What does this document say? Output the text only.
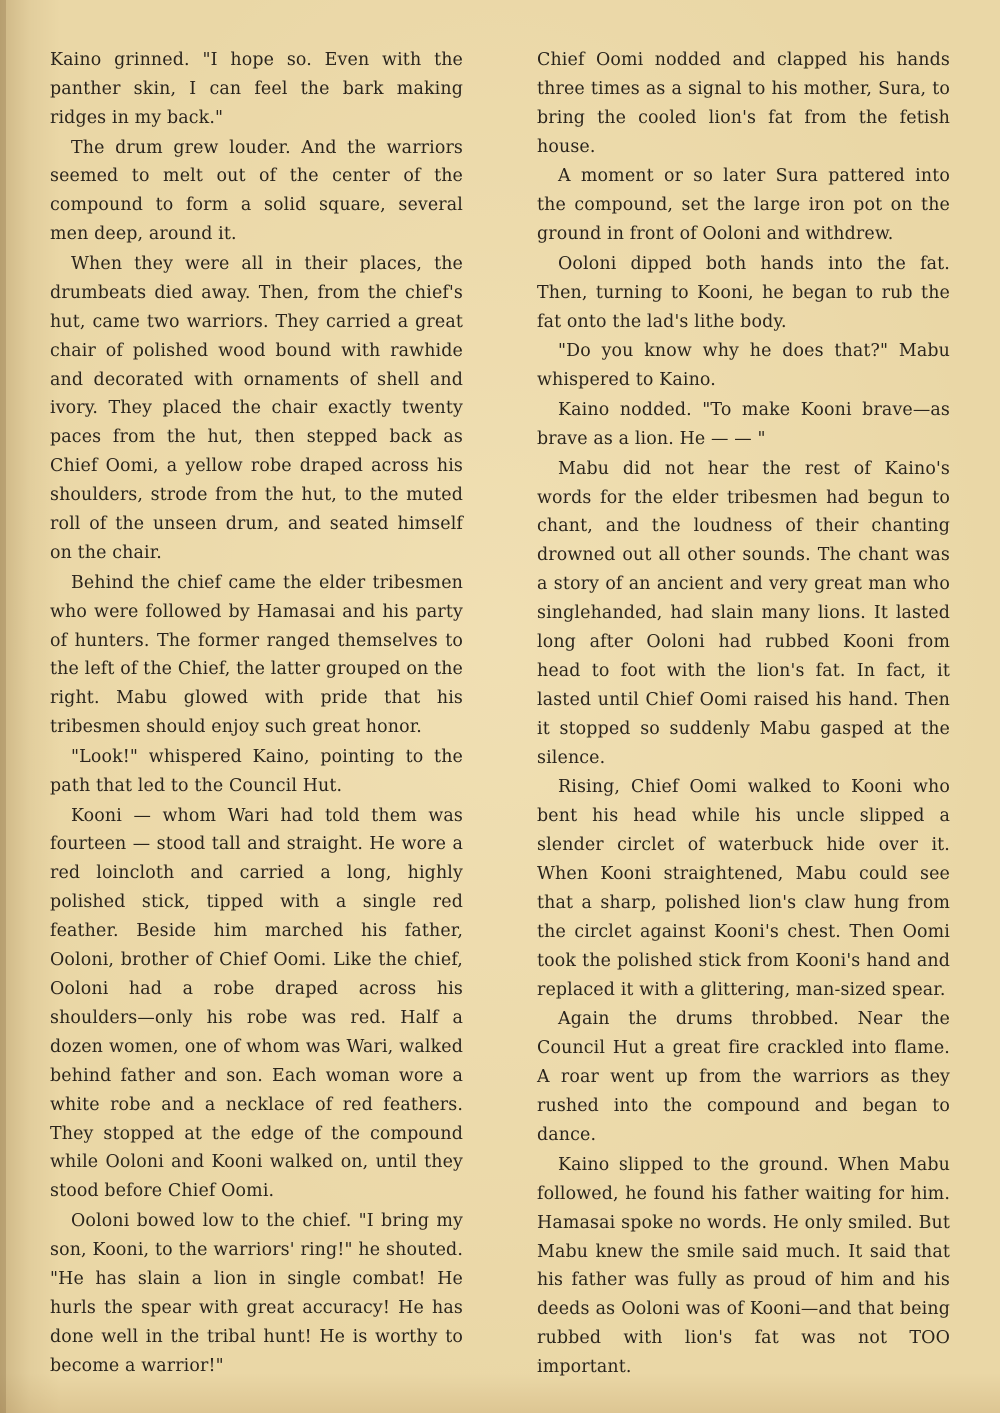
Kaino grinned. "I hope so. Even with the panther skin, I can feel the bark making ridges in my back."

The drum grew louder. And the warriors seemed to melt out of the center of the compound to form a solid square, several men deep, around it.

When they were all in their places, the drumbeats died away. Then, from the chief's hut, came two warriors. They carried a great chair of polished wood bound with rawhide and decorated with ornaments of shell and ivory. They placed the chair exactly twenty paces from the hut, then stepped back as Chief Oomi, a yellow robe draped across his shoulders, strode from the hut, to the muted roll of the unseen drum, and seated himself on the chair.

Behind the chief came the elder tribesmen who were followed by Hamasai and his party of hunters. The former ranged themselves to the left of the Chief, the latter grouped on the right. Mabu glowed with pride that his tribesmen should enjoy such great honor.

"Look!" whispered Kaino, pointing to the path that led to the Council Hut.

Kooni — whom Wari had told them was fourteen — stood tall and straight. He wore a red loincloth and carried a long, highly polished stick, tipped with a single red feather. Beside him marched his father, Ooloni, brother of Chief Oomi. Like the chief, Ooloni had a robe draped across his shoulders—only his robe was red. Half a dozen women, one of whom was Wari, walked behind father and son. Each woman wore a white robe and a necklace of red feathers. They stopped at the edge of the compound while Ooloni and Kooni walked on, until they stood before Chief Oomi.

Ooloni bowed low to the chief. "I bring my son, Kooni, to the warriors' ring!" he shouted. "He has slain a lion in single combat! He hurls the spear with great accuracy! He has done well in the tribal hunt! He is worthy to become a warrior!"

Chief Oomi nodded and clapped his hands three times as a signal to his mother, Sura, to bring the cooled lion's fat from the fetish house.

A moment or so later Sura pattered into the compound, set the large iron pot on the ground in front of Ooloni and withdrew.

Ooloni dipped both hands into the fat. Then, turning to Kooni, he began to rub the fat onto the lad's lithe body.

"Do you know why he does that?" Mabu whispered to Kaino.

Kaino nodded. "To make Kooni brave—as brave as a lion. He — — "

Mabu did not hear the rest of Kaino's words for the elder tribesmen had begun to chant, and the loudness of their chanting drowned out all other sounds. The chant was a story of an ancient and very great man who singlehanded, had slain many lions. It lasted long after Ooloni had rubbed Kooni from head to foot with the lion's fat. In fact, it lasted until Chief Oomi raised his hand. Then it stopped so suddenly Mabu gasped at the silence.

Rising, Chief Oomi walked to Kooni who bent his head while his uncle slipped a slender circlet of waterbuck hide over it. When Kooni straightened, Mabu could see that a sharp, polished lion's claw hung from the circlet against Kooni's chest. Then Oomi took the polished stick from Kooni's hand and replaced it with a glittering, man-sized spear.

Again the drums throbbed. Near the Council Hut a great fire crackled into flame. A roar went up from the warriors as they rushed into the compound and began to dance.

Kaino slipped to the ground. When Mabu followed, he found his father waiting for him. Hamasai spoke no words. He only smiled. But Mabu knew the smile said much. It said that his father was fully as proud of him and his deeds as Ooloni was of Kooni—and that being rubbed with lion's fat was not TOO important.
